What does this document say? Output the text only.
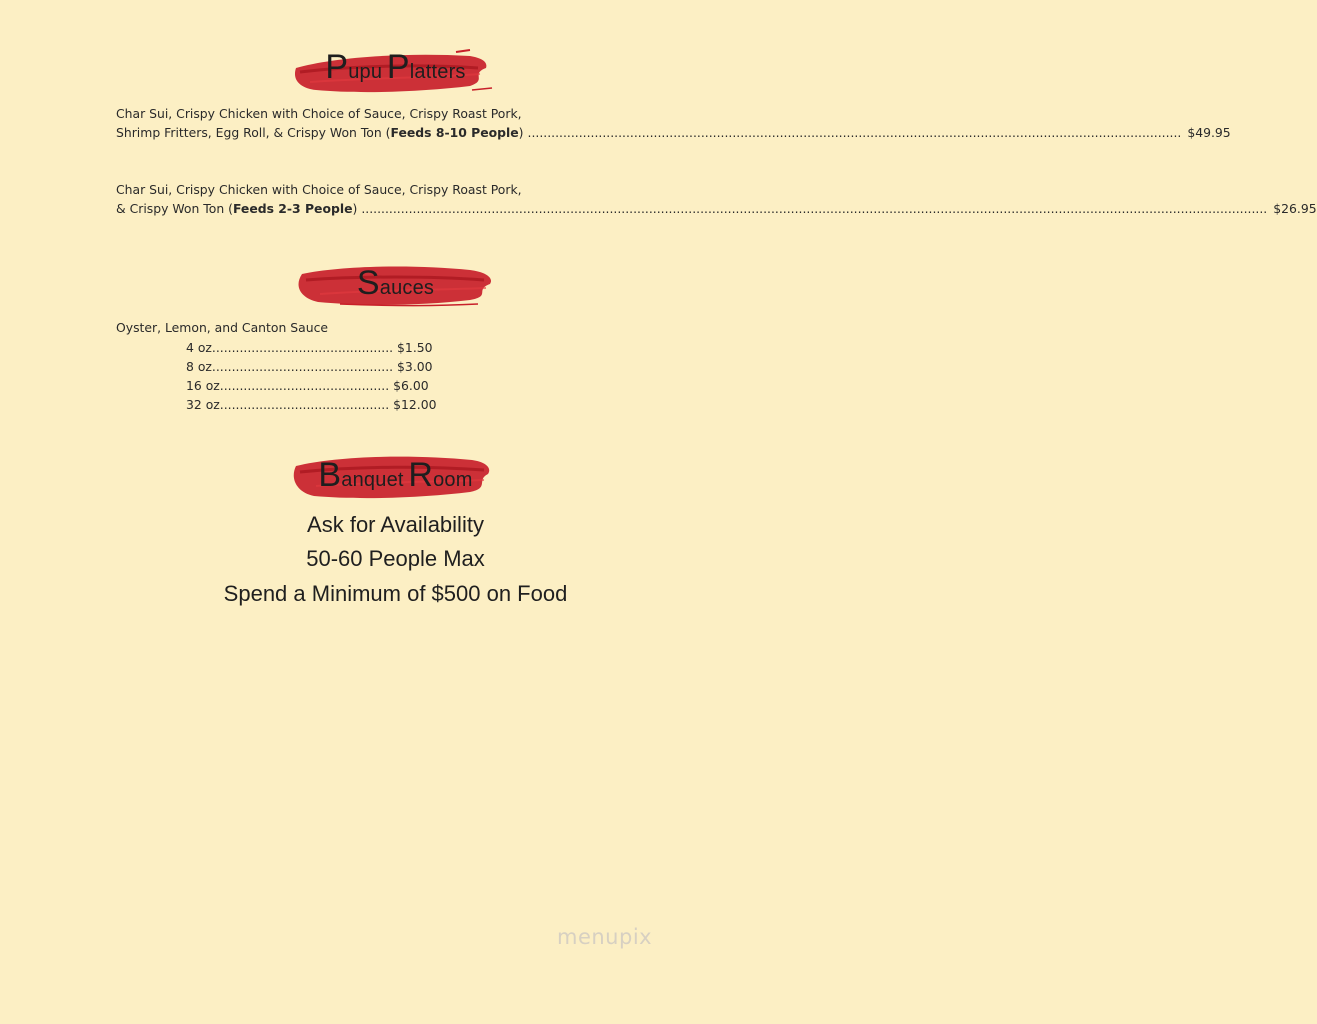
Pupu Platters
Char Sui, Crispy Chicken with Choice of Sauce, Crispy Roast Pork,
Shrimp Fritters, Egg Roll, & Crispy Won Ton (Feeds 8-10 People) ...................................................................................................................................................................... $49.95
Char Sui, Crispy Chicken with Choice of Sauce, Crispy Roast Pork,
& Crispy Won Ton (Feeds 2-3 People) ...................................................................................................................................................................................................................................... $26.95
Sauces
Oyster, Lemon, and Canton Sauce
4 oz.............................................. $1.50
8 oz.............................................. $3.00
16 oz........................................... $6.00
32 oz........................................... $12.00
Banquet Room
Ask for Availability
50-60 People Max
Spend a Minimum of $500 on Food
menupix
